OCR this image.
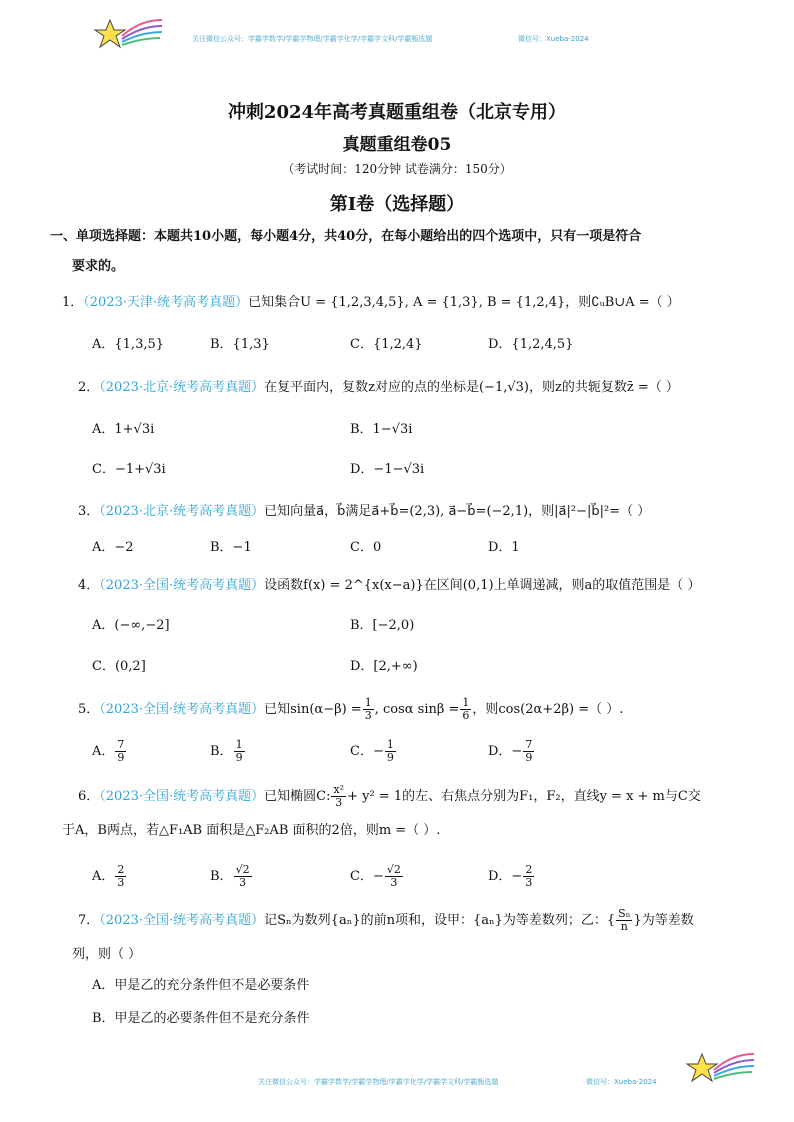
关注微信公众号：学霸学数学/学霸学物理/学霸学化学/学霸学文科/学霸甄选题	微信号：Xueba-2024
冲刺2024年高考真题重组卷（北京专用）
真题重组卷05
（考试时间：120分钟 试卷满分：150分）
第I卷（选择题）
一、单项选择题：本题共10小题，每小题4分，共40分，在每小题给出的四个选项中，只有一项是符合
要求的。
1．（2023·天津·统考高考真题）已知集合U = {1,2,3,4,5}, A = {1,3}, B = {1,2,4}，则∁ᵤB∪A =（ ）
A．{1,3,5}	B．{1,3}	C．{1,2,4}	D．{1,2,4,5}
2．（2023·北京·统考高考真题）在复平面内，复数z对应的点的坐标是(−1,√3)，则z的共轭复数z̄ =（ ）
A．1+√3i	B．1−√3i
C．−1+√3i	D．−1−√3i
3．（2023·北京·统考高考真题）已知向量a⃗，b⃗满足a⃗+b⃗=(2,3), a⃗−b⃗=(−2,1)，则|a⃗|²−|b⃗|²=（ ）
A．−2	B．−1	C．0	D．1
4．（2023·全国·统考高考真题）设函数f(x) = 2^{x(x−a)}在区间(0,1)上单调递减，则a的取值范围是（ ）
A．(−∞,−2]	B．[−2,0)
C．(0,2]	D．[2,+∞)
5．（2023·全国·统考高考真题）已知$\sin(\alpha-\beta) = \frac{1}{3}$ , cosα $\sin\beta = \frac{1}{6}$ ，则cos(2α+2β) =（ ）.
A． $\frac{7}{9}$	B． $\frac{1}{9}$	C．− $\frac{1}{9}$	D．− $\frac{7}{9}$
6．（2023·全国·统考高考真题）已知椭圆C: $\frac{\text{x²}}{3} + y^2 = 1$的左、右焦点分别为F₁，F₂，直线y = x + m与C交
于A，B两点，若△F₁AB 面积是△F₂AB 面积的2倍，则m =（ ）.
A． $\frac{2}{3}$	B． $\frac{√2}{3}$	C．− $\frac{√2}{3}$	D．− $\frac{2}{3}$
7．（2023·全国·统考高考真题）记Sₙ为数列{aₙ}的前n项和，设甲：{aₙ}为等差数列；乙：{ $\frac{\text{Sₙ}}{n}$ }为等差数
列，则（ ）
A．甲是乙的充分条件但不是必要条件
B．甲是乙的必要条件但不是充分条件
关注微信公众号：学霸学数学/学霸学物理/学霸学化学/学霸学文科/学霸甄选题	微信号：Xueba-2024
